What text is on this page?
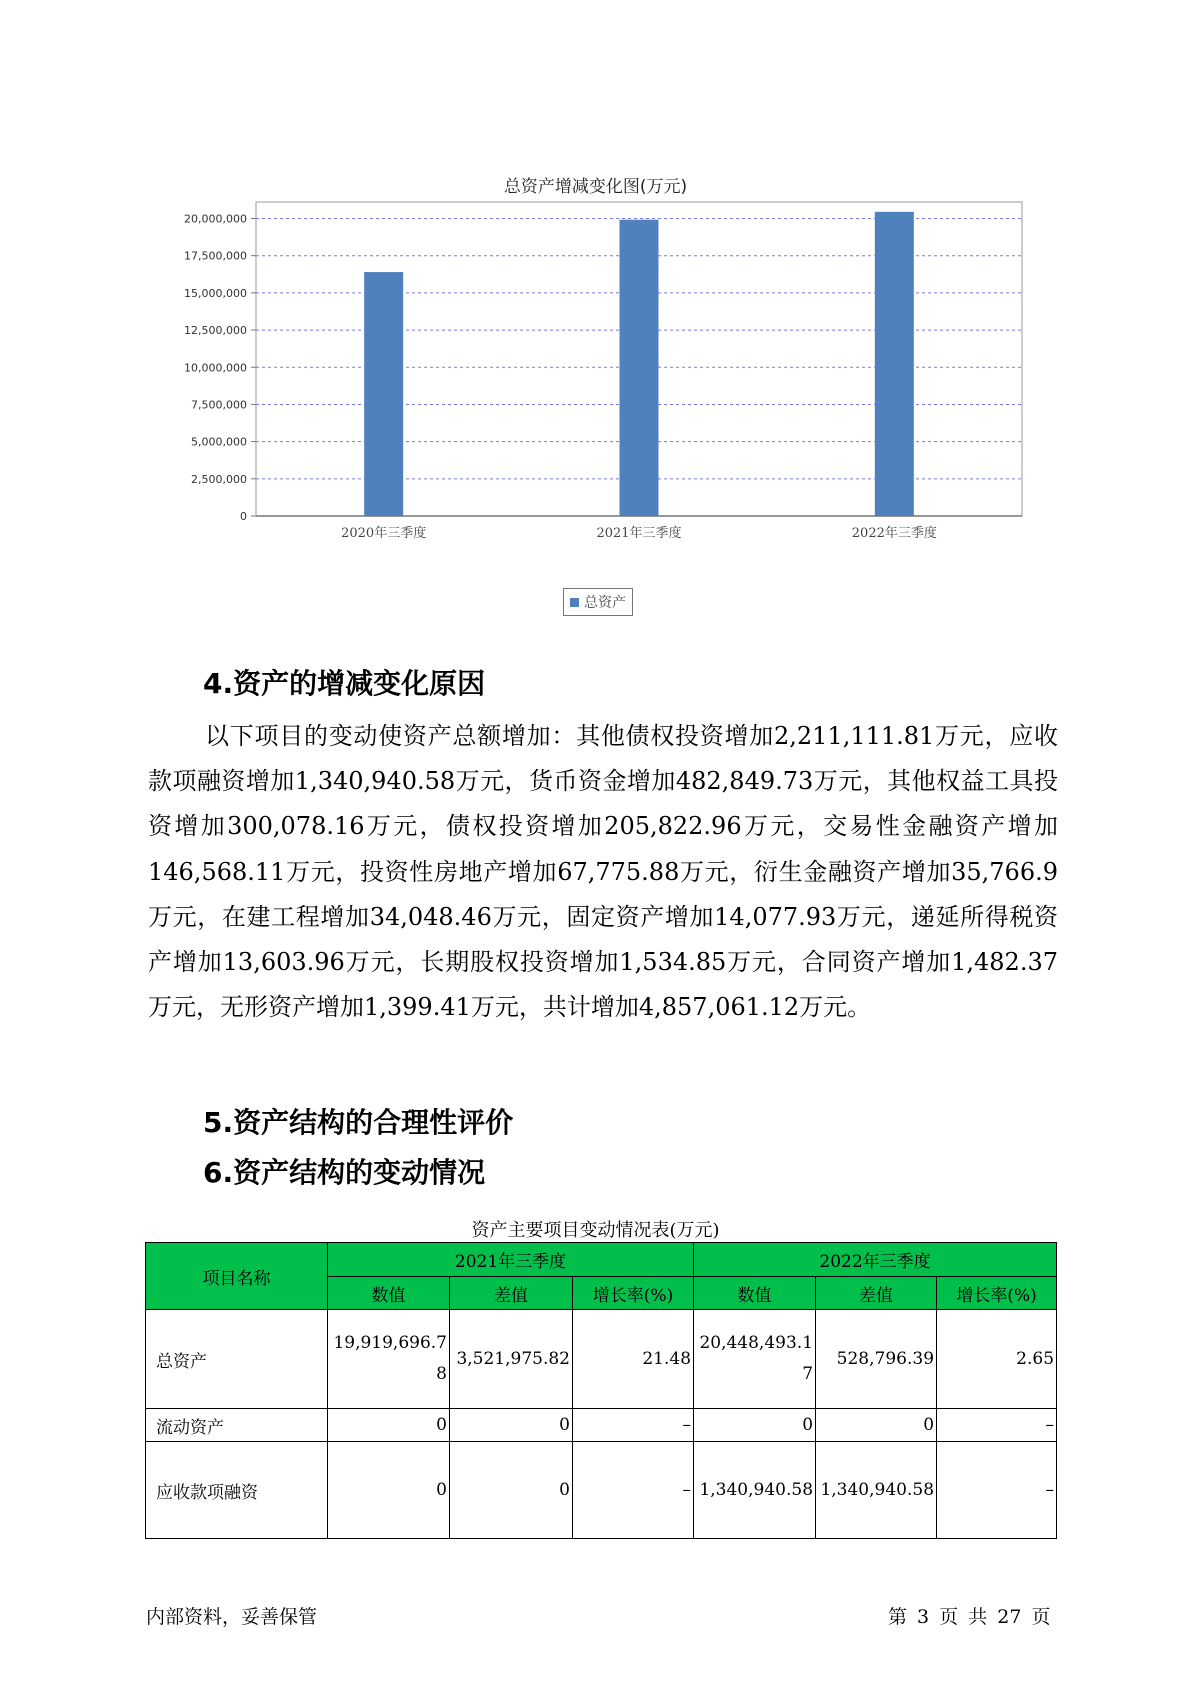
总资产增减变化图(万元)
0
2,500,000
5,000,000
7,500,000
10,000,000
12,500,000
15,000,000
17,500,000
20,000,000
2020年三季度	2021年三季度	2022年三季度
总资产
4.资产的增减变化原因

以下项目的变动使资产总额增加：其他债权投资增加2,211,111.81万元，应收款项融资增加1,340,940.58万元，货币资金增加482,849.73万元，其他权益工具投资增加300,078.16万元，债权投资增加205,822.96万元，交易性金融资产增加146,568.11万元，投资性房地产增加67,775.88万元，衍生金融资产增加35,766.9万元，在建工程增加34,048.46万元，固定资产增加14,077.93万元，递延所得税资产增加13,603.96万元，长期股权投资增加1,534.85万元，合同资产增加1,482.37万元，无形资产增加1,399.41万元，共计增加4,857,061.12万元。

5.资产结构的合理性评价
6.资产结构的变动情况
资产主要项目变动情况表(万元)
项目名称	2021年三季度			2022年三季度		
	数值	差值	增长率(%)	数值	差值	增长率(%)
总资产	19,919,696.78	3,521,975.82	21.48	20,448,493.17	528,796.39	2.65
流动资产	0	0	–	0	0	–
应收款项融资	0	0	–	1,340,940.58	1,340,940.58	–
内部资料，妥善保管	第 3 页 共 27 页
